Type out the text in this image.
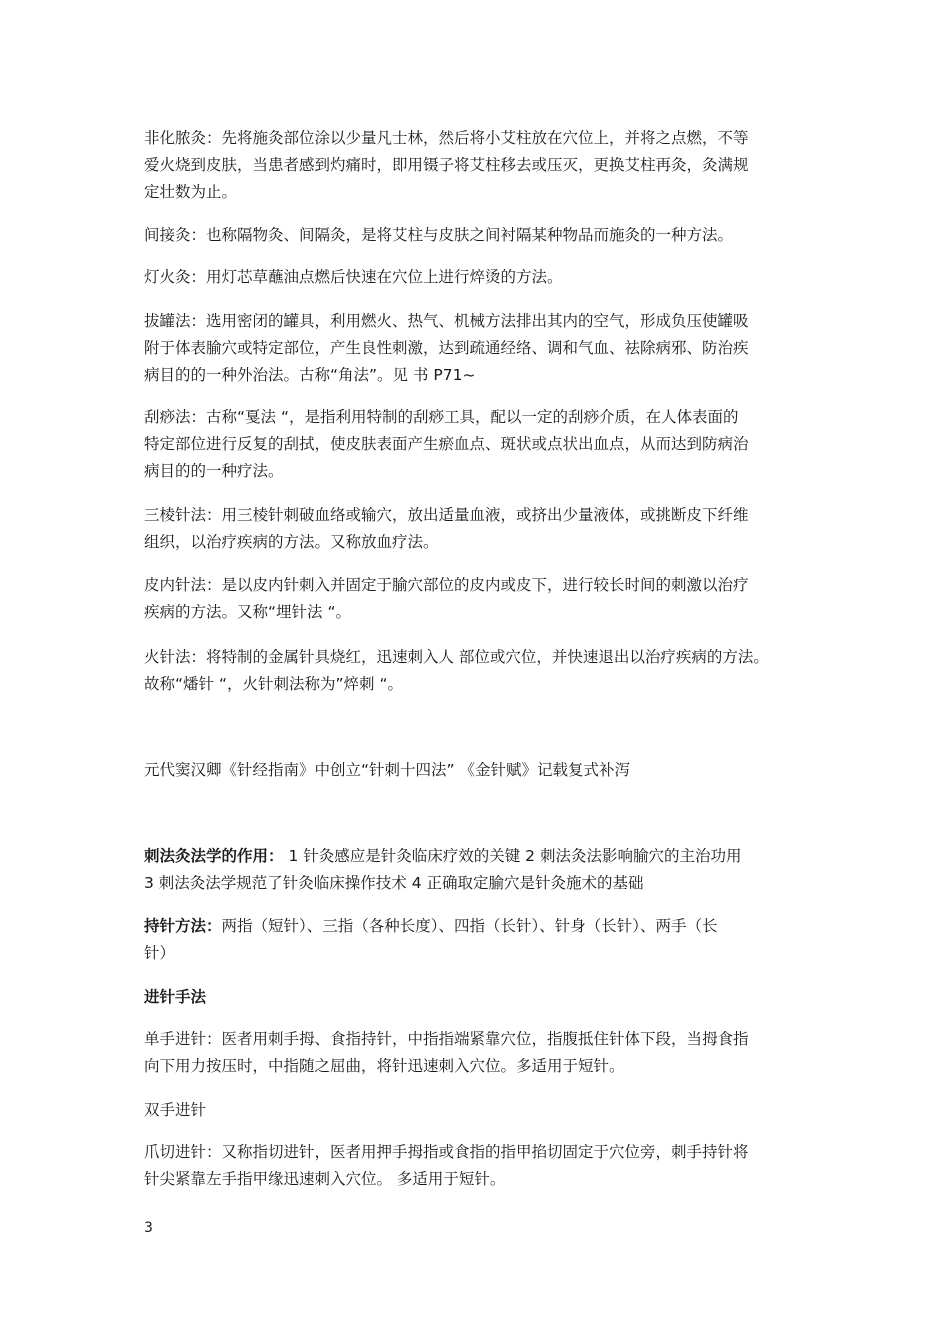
非化脓灸：先将施灸部位涂以少量凡士林，然后将小艾柱放在穴位上，并将之点燃，不等
爱火烧到皮肤，当患者感到灼痛时，即用镊子将艾柱移去或压灭，更换艾柱再灸，灸满规
定壮数为止。
间接灸：也称隔物灸、间隔灸，是将艾柱与皮肤之间衬隔某种物品而施灸的一种方法。
灯火灸：用灯芯草蘸油点燃后快速在穴位上进行焠烫的方法。
拔罐法：选用密闭的罐具，利用燃火、热气、机械方法排出其内的空气，形成负压使罐吸
附于体表腧穴或特定部位，产生良性刺激，达到疏通经络、调和气血、祛除病邪、防治疾
病目的的一种外治法。古称“角法”。见 书 P71~
刮痧法：古称“戛法 “，是指利用特制的刮痧工具，配以一定的刮痧介质，在人体表面的
特定部位进行反复的刮拭，使皮肤表面产生瘀血点、斑状或点状出血点，从而达到防病治
病目的的一种疗法。
三棱针法：用三棱针刺破血络或输穴，放出适量血液，或挤出少量液体，或挑断皮下纤维
组织，以治疗疾病的方法。又称放血疗法。
皮内针法：是以皮内针刺入并固定于腧穴部位的皮内或皮下，进行较长时间的刺激以治疗
疾病的方法。又称“埋针法 “。
火针法：将特制的金属针具烧红，迅速刺入人 部位或穴位，并快速退出以治疗疾病的方法。
故称“燔针 “，火针刺法称为”焠刺 “。
元代窦汉卿《针经指南》中创立“针刺十四法” 《金针赋》记载复式补泻
刺法灸法学的作用： 1 针灸感应是针灸临床疗效的关键 2 刺法灸法影响腧穴的主治功用
3 刺法灸法学规范了针灸临床操作技术 4 正确取定腧穴是针灸施术的基础
持针方法：两指（短针）、三指（各种长度）、四指（长针）、针身（长针）、两手（长
针）
进针手法
单手进针：医者用刺手拇、食指持针，中指指端紧靠穴位，指腹抵住针体下段，当拇食指
向下用力按压时，中指随之屈曲，将针迅速刺入穴位。多适用于短针。
双手进针
爪切进针：又称指切进针，医者用押手拇指或食指的指甲掐切固定于穴位旁，刺手持针将
针尖紧靠左手指甲缘迅速刺入穴位。 多适用于短针。
3
